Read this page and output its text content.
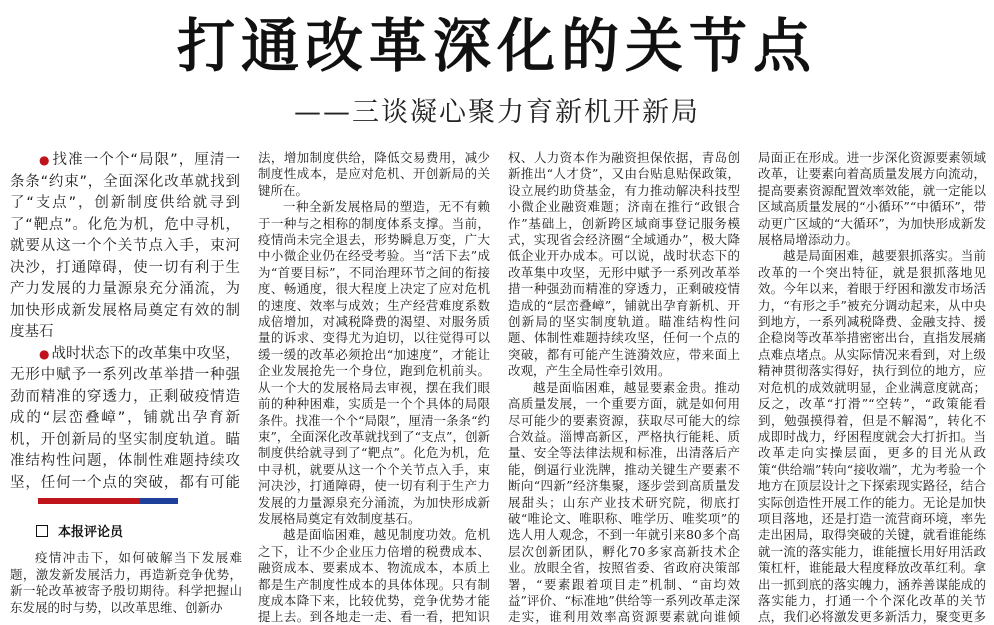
打通改革深化的关节点
——三谈凝心聚力育新机开新局

● 找准一个个“局限”，厘清一条条“约束”，全面深化改革就找到了“支点”，创新制度供给就寻到了“靶点”。化危为机，危中寻机，就要从这一个个关节点入手，束河决沙，打通障碍，使一切有利于生产力发展的力量源泉充分涌流，为加快形成新发展格局奠定有效的制度基石

● 战时状态下的改革集中攻坚，无形中赋予一系列改革举措一种强劲而精准的穿透力，正剩破疫情造成的“层峦叠嶂”，铺就出孕育新机，开创新局的坚实制度轨道。瞄准结构性问题，体制性难题持续攻坚，任何一个点的突破，都有可能

本报评论员

疫情冲击下，如何破解当下发展难题，激发新发展活力，再造新竞争优势，新一轮改革被寄予殷切期待。科学把握山东发展的时与势，以改革思维、创新办

法，增加制度供给，降低交易费用，减少制度性成本，是应对危机、开创新局的关键所在。

一种全新发展格局的塑造，无不有赖于一种与之相称的制度体系支撑。当前，疫情尚未完全退去，形势瞬息万变，广大中小微企业仍在经受考验。当“活下去”成为“首要目标”，不同治理环节之间的衔接度、畅通度，很大程度上决定了应对危机的速度、效率与成效；生产经营难度系数成倍增加，对减税降费的渴望、对服务质量的诉求、变得尤为迫切，以往觉得可以缓一缓的改革必须抢出“加速度”，才能让企业发展抢先一个身位，跑到危机前头。从一个大的发展格局去审视，摆在我们眼前的种种困难，实质是一个个具体的局限条件。找准一个个“局限”，厘清一条条“约束”，全面深化改革就找到了“支点”，创新制度供给就寻到了“靶点”。化危为机，危中寻机，就要从这一个个关节点入手，束河决沙，打通障碍，使一切有利于生产力发展的力量源泉充分涌流，为加快形成新发展格局奠定有效制度基石。

越是面临困难，越见制度功效。危机之下，让不少企业压力倍增的税费成本、融资成本、要素成本、物流成本，本质上都是生产制度性成本的具体体现。只有制度成本降下来，比较优势，竞争优势才能提上去。到各地走一走、看一看，把知识

权、人力资本作为融资担保依据，青岛创新推出“人才贷”，又由台贴息贴保政策，设立展约助贷基金，有力推动解决科技型小微企业融资难题；济南在推行“政银合作”基础上，创新跨区域商事登记服务模式，实现省会经济圈“全域通办”，极大降低企业开办成本。可以说，战时状态下的改革集中攻坚，无形中赋予一系列改革举措一种强劲而精准的穿透力，正剩破疫情造成的“层峦叠嶂”，铺就出孕育新机、开创新局的坚实制度轨道。瞄准结构性问题、体制性难题持续攻坚，任何一个点的突破，都有可能产生涟漪效应，带来面上改观，产生全局性牵引效用。

越是面临困难，越显要素金贵。推动高质量发展，一个重要方面，就是如何用尽可能少的要素资源，获取尽可能大的综合效益。淄博高新区，严格执行能耗、质量、安全等法律法规和标准，出清落后产能，倒逼行业洗牌，推动关键生产要素不断向“四新”经济集聚，逐步尝到高质量发展甜头；山东产业技术研究院，彻底打破“唯论文、唯职称、唯学历、唯奖项”的选人用人观念，不到一年就引来80多个高层次创新团队，孵化70多家高新技术企业。放眼全省，按照省委、省政府决策部署，“要素跟着项目走”机制、“亩均效益”评价、“标准地”供给等一系列改革走深走实，谁利用效率高资源要素就向谁倾

局面正在形成。进一步深化资源要素领域改革，让要素向着高质量发展方向流动，提高要素资源配置效率效能，就一定能以区域高质量发展的“小循环”“中循环”，带动更广区域的“大循环”，为加快形成新发展格局增添动力。

越是局面困难，越要狠抓落实。当前改革的一个突出特征，就是狠抓落地见效。今年以来，着眼于纾困和激发市场活力，“有形之手”被充分调动起来，从中央到地方，一系列减税降费、金融支持、援企稳岗等改革举措密密出台，直指发展痛点难点堵点。从实际情况来看到，对上级精神贯彻落实得好，执行到位的地方，应对危机的成效就明显，企业满意度就高；反之，改革“打滑”“空转”，“政策能看到，勉强摸得着，但是不解渴”，转化不成即时战力，纾困程度就会大打折扣。当改革走向实操层面，更多的目光从政策“供给端”转向“接收端”，尤为考验一个地方在顶层设计之下探索现实路径，结合实际创造性开展工作的能力。无论是加快项目落地，还是打造一流营商环境，率先走出困局，取得突破的关键，就看谁能练就一流的落实能力，谁能擅长用好用活政策杠杆，谁能最大程度释放改革红利。拿出一抓到底的落实魄力，涵养善谋能成的落实能力，打通一个个深化改革的关节点，我们必将激发更多新活力，聚变更多
